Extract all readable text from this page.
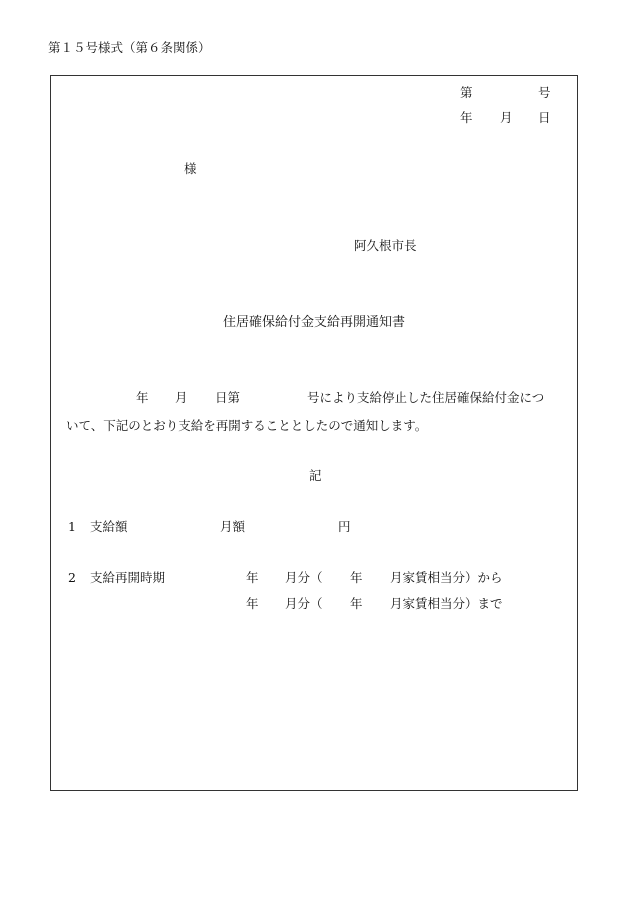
第１５号様式（第６条関係）
第	号
年 月 日
様
阿久根市長
住居確保給付金支給再開通知書
年 月 日第	号により支給停止した住居確保給付金につ
いて、下記のとおり支給を再開することとしたので通知します。
記
1 支給額	月額	円
2 支給再開時期	年 月分（ 年 月家賃相当分）から
年 月分（ 年 月家賃相当分）まで
